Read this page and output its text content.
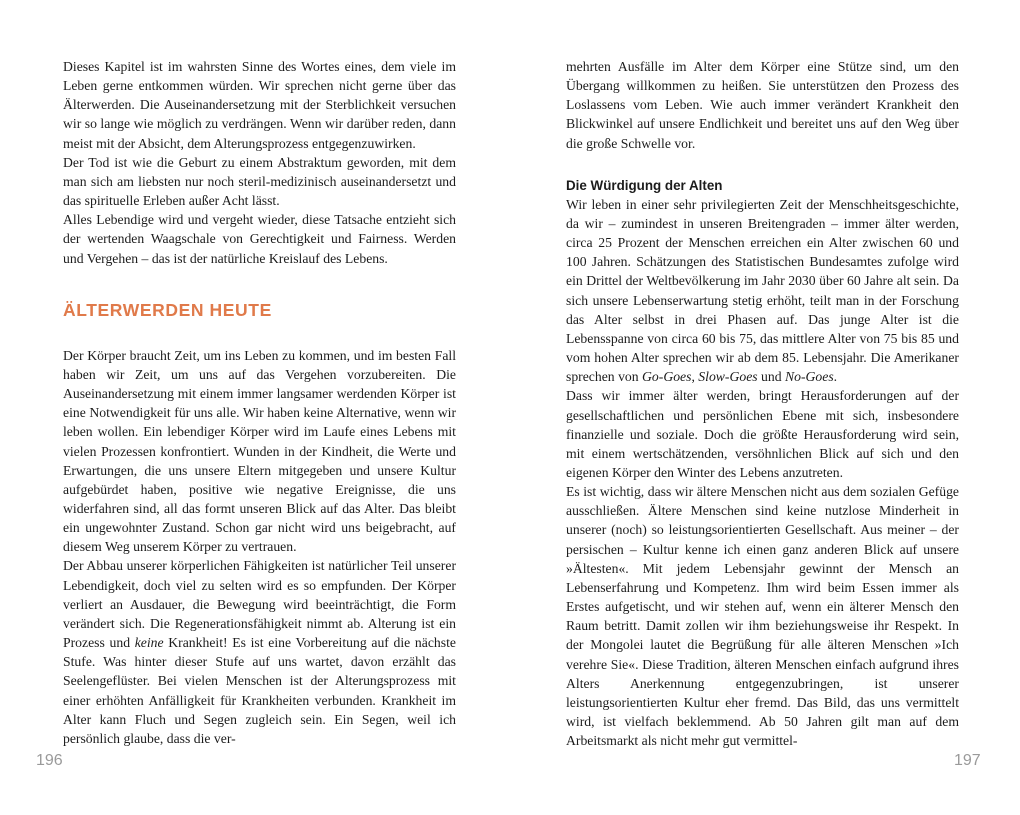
Dieses Kapitel ist im wahrsten Sinne des Wortes eines, dem viele im Leben gerne entkommen würden. Wir sprechen nicht gerne über das Älterwerden. Die Auseinandersetzung mit der Sterblichkeit versuchen wir so lange wie möglich zu verdrängen. Wenn wir darüber reden, dann meist mit der Absicht, dem Alterungsprozess entgegenzuwirken.

Der Tod ist wie die Geburt zu einem Abstraktum geworden, mit dem man sich am liebsten nur noch steril-medizinisch auseinandersetzt und das spirituelle Erleben außer Acht lässt.

Alles Lebendige wird und vergeht wieder, diese Tatsache entzieht sich der wertenden Waagschale von Gerechtigkeit und Fairness. Werden und Vergehen – das ist der natürliche Kreislauf des Lebens.

ÄLTERWERDEN HEUTE

Der Körper braucht Zeit, um ins Leben zu kommen, und im besten Fall haben wir Zeit, um uns auf das Vergehen vorzubereiten. Die Auseinandersetzung mit einem immer langsamer werdenden Körper ist eine Notwendigkeit für uns alle. Wir haben keine Alternative, wenn wir leben wollen. Ein lebendiger Körper wird im Laufe eines Lebens mit vielen Prozessen konfrontiert. Wunden in der Kindheit, die Werte und Erwartungen, die uns unsere Eltern mitgegeben und unsere Kultur aufgebürdet haben, positive wie negative Ereignisse, die uns widerfahren sind, all das formt unseren Blick auf das Alter. Das bleibt ein ungewohnter Zustand. Schon gar nicht wird uns beigebracht, auf diesem Weg unserem Körper zu vertrauen.

Der Abbau unserer körperlichen Fähigkeiten ist natürlicher Teil unserer Lebendigkeit, doch viel zu selten wird es so empfunden. Der Körper verliert an Ausdauer, die Bewegung wird beeinträchtigt, die Form verändert sich. Die Regenerationsfähigkeit nimmt ab. Alterung ist ein Prozess und keine Krankheit! Es ist eine Vorbereitung auf die nächste Stufe. Was hinter dieser Stufe auf uns wartet, davon erzählt das Seelengeflüster. Bei vielen Menschen ist der Alterungsprozess mit einer erhöhten Anfälligkeit für Krankheiten verbunden. Krankheit im Alter kann Fluch und Segen zugleich sein. Ein Segen, weil ich persönlich glaube, dass die ver-

196

mehrten Ausfälle im Alter dem Körper eine Stütze sind, um den Übergang willkommen zu heißen. Sie unterstützen den Prozess des Loslassens vom Leben. Wie auch immer verändert Krankheit den Blickwinkel auf unsere Endlichkeit und bereitet uns auf den Weg über die große Schwelle vor.

Die Würdigung der Alten

Wir leben in einer sehr privilegierten Zeit der Menschheitsgeschichte, da wir – zumindest in unseren Breitengraden – immer älter werden, circa 25 Prozent der Menschen erreichen ein Alter zwischen 60 und 100 Jahren. Schätzungen des Statistischen Bundesamtes zufolge wird ein Drittel der Weltbevölkerung im Jahr 2030 über 60 Jahre alt sein. Da sich unsere Lebenserwartung stetig erhöht, teilt man in der Forschung das Alter selbst in drei Phasen auf. Das junge Alter ist die Lebensspanne von circa 60 bis 75, das mittlere Alter von 75 bis 85 und vom hohen Alter sprechen wir ab dem 85. Lebensjahr. Die Amerikaner sprechen von Go-Goes, Slow-Goes und No-Goes.

Dass wir immer älter werden, bringt Herausforderungen auf der gesellschaftlichen und persönlichen Ebene mit sich, insbesondere finanzielle und soziale. Doch die größte Herausforderung wird sein, mit einem wertschätzenden, versöhnlichen Blick auf sich und den eigenen Körper den Winter des Lebens anzutreten.

Es ist wichtig, dass wir ältere Menschen nicht aus dem sozialen Gefüge ausschließen. Ältere Menschen sind keine nutzlose Minderheit in unserer (noch) so leistungsorientierten Gesellschaft. Aus meiner – der persischen – Kultur kenne ich einen ganz anderen Blick auf unsere »Ältesten«. Mit jedem Lebensjahr gewinnt der Mensch an Lebenserfahrung und Kompetenz. Ihm wird beim Essen immer als Erstes aufgetischt, und wir stehen auf, wenn ein älterer Mensch den Raum betritt. Damit zollen wir ihm beziehungsweise ihr Respekt. In der Mongolei lautet die Begrüßung für alle älteren Menschen »Ich verehre Sie«. Diese Tradition, älteren Menschen einfach aufgrund ihres Alters Anerkennung entgegenzubringen, ist unserer leistungsorientierten Kultur eher fremd. Das Bild, das uns vermittelt wird, ist vielfach beklemmend. Ab 50 Jahren gilt man auf dem Arbeitsmarkt als nicht mehr gut vermittel-

197
